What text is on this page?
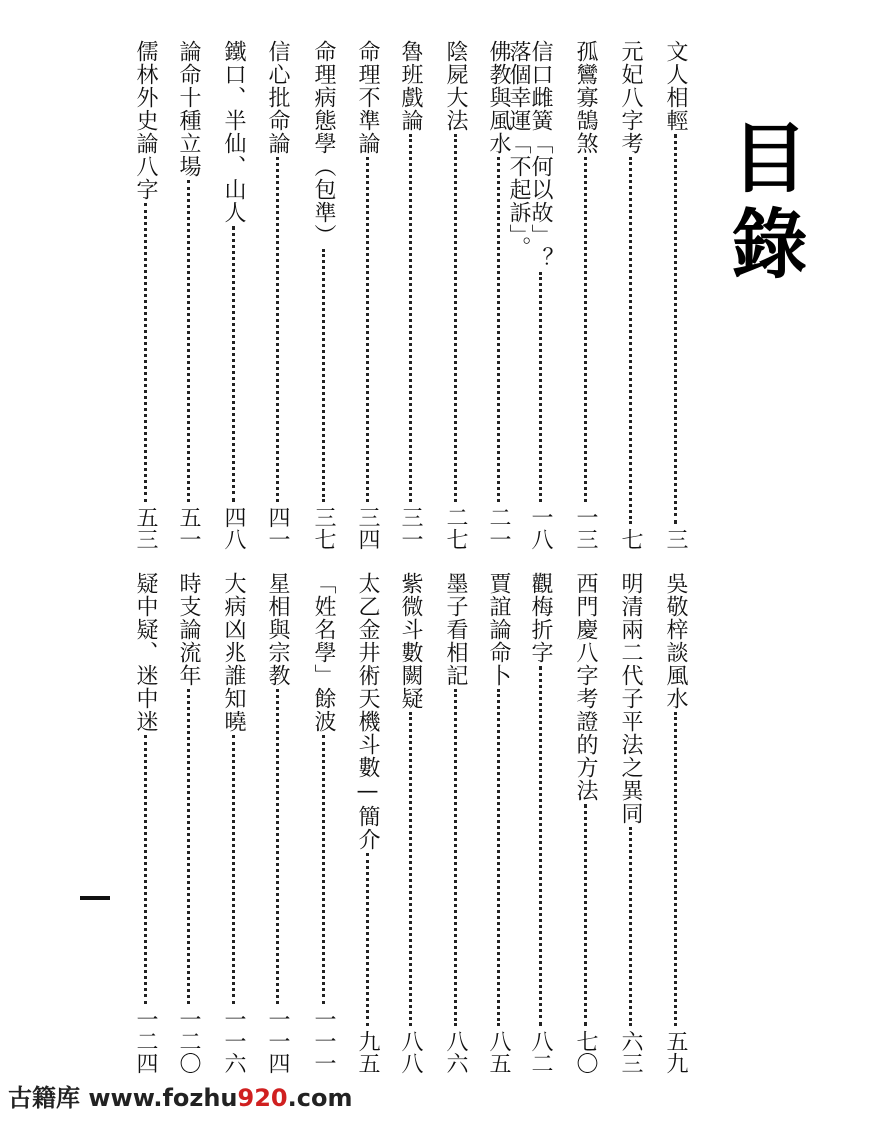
目錄
文人相輕
三
元妃八字考
七
孤鸞寡鵠煞
一三
信口雌簧「何以故」？
一八
落個幸運「不起訴」。
佛教與風水
二一
陰屍大法
二七
魯班戲論
三一
命理不準論
三四
命理病態學（包準）
三七
信心批命論
四一
鐵口、半仙、山人
四八
論命十種立場
五一
儒林外史論八字
五三
吳敬梓談風水
五九
明清兩二代子平法之異同
六三
西門慶八字考證的方法
七〇
觀梅折字
八二
賈誼論命卜
八五
墨子看相記
八六
紫微斗數闕疑
八八
太乙金井術天機斗數—簡介
九五
「姓名學」餘波
一一一
星相與宗教
一一四
大病凶兆誰知曉
一一六
時支論流年
一二〇
疑中疑、迷中迷
一二四
古籍库 www.fozhu920.com
